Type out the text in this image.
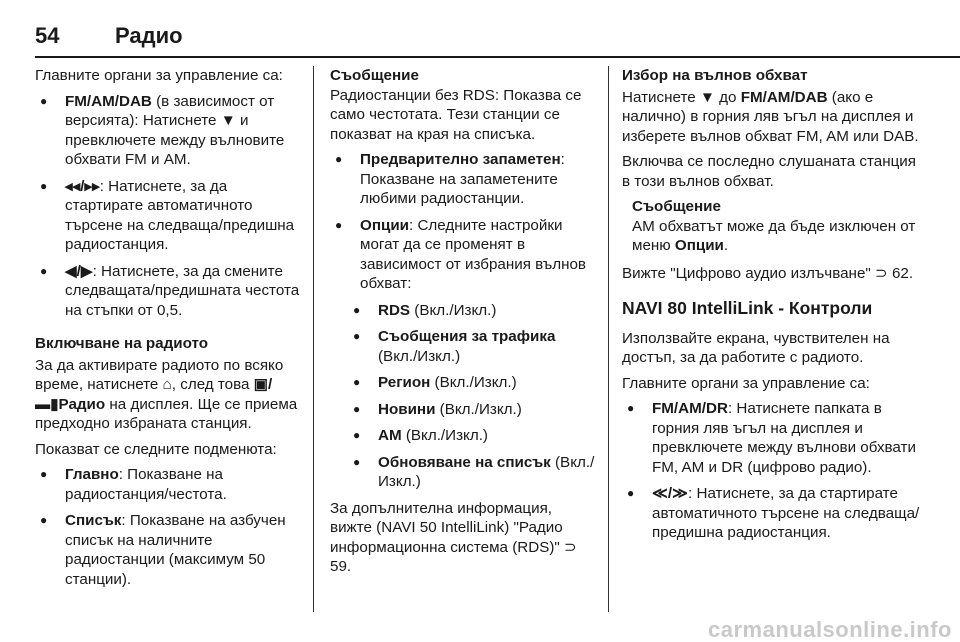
54	Радио

Главните органи за управление са:

● FM/AM/DAB (в зависимост от версията): Натиснете ▼ и превключете между вълновите обхвати FM и AM.
● ◂◂/▸▸: Натиснете, за да стартирате автоматичното търсене на следваща/предишна радиостанция.
● ◀/▶: Натиснете, за да смените следващата/предишната честота на стъпки от 0,5.
Включване на радиото

За да активирате радиото по всяко време, натиснете ⌂, след това ▣/▬▮Радио на дисплея. Ще се приема предходно избраната станция.

Показват се следните подменюта:

● Главно: Показване на радиостанция/честота.
● Списък: Показване на азбучен списък на наличните радиостанции (максимум 50 станции).
Съобщение

Радиостанции без RDS: Показва се само честотата. Тези станции се показват на края на списъка.

● Предварително запаметен: Показване на запаметените любими радиостанции.
● Опции: Следните настройки могат да се променят в зависимост от избрания вълнов обхват:
● RDS (Вкл./Изкл.)
● Съобщения за трафика (Вкл./Изкл.)
● Регион (Вкл./Изкл.)
● Новини (Вкл./Изкл.)
● AM (Вкл./Изкл.)
● Обновяване на списък (Вкл./Изкл.)

За допълнителна информация, вижте (NAVI 50 IntelliLink) "Радио информационна система (RDS)" ⊃ 59.

Избор на вълнов обхват

Натиснете ▼ до FM/AM/DAB (ако е налично) в горния ляв ъгъл на дисплея и изберете вълнов обхват FM, AM или DAB.

Включва се последно слушаната станция в този вълнов обхват.

Съобщение
AM обхватът може да бъде изключен от меню Опции.

Вижте "Цифрово аудио излъчване" ⊃ 62.

NAVI 80 IntelliLink - Контроли

Използвайте екрана, чувствителен на достъп, за да работите с радиото.

Главните органи за управление са:

● FM/AM/DR: Натиснете папката в горния ляв ъгъл на дисплея и превключете между вълнови обхвати FM, AM и DR (цифрово радио).
● ≪/≫: Натиснете, за да стартирате автоматичното търсене на следваща/предишна радиостанция.
carmanualsonline.info
